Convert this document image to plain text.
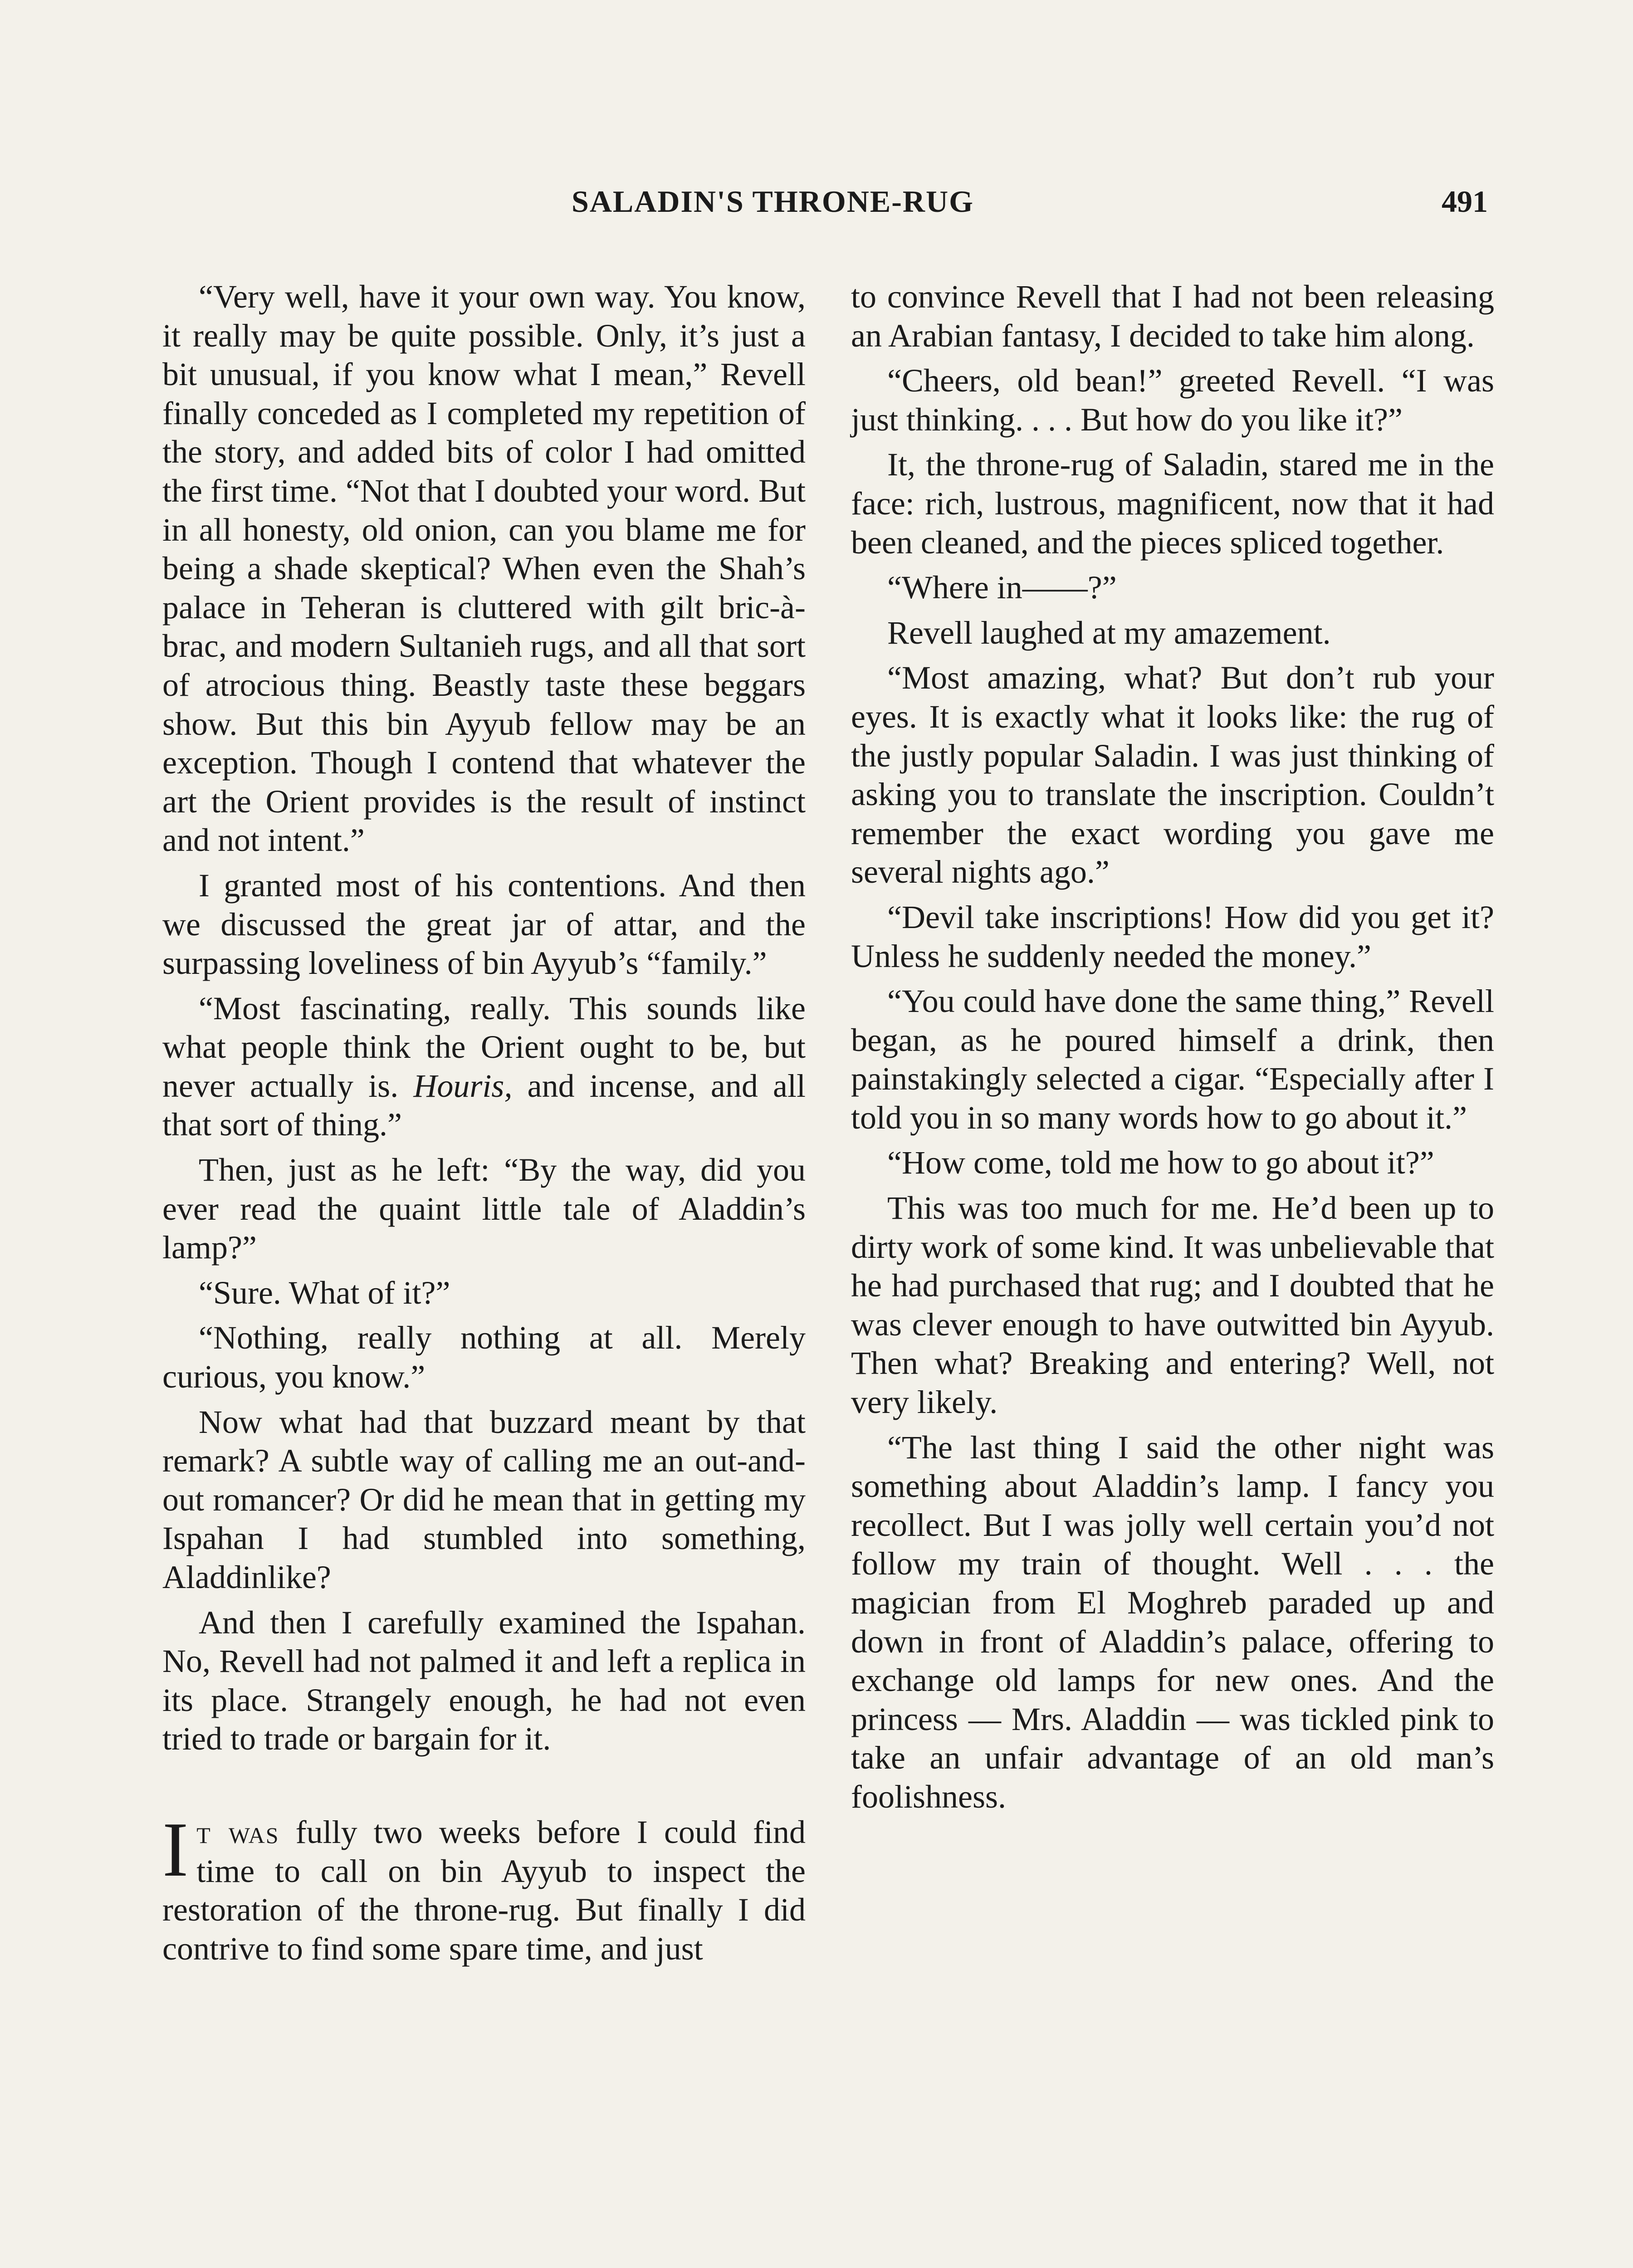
SALADIN'S THRONE-RUG	491

“Very well, have it your own way. You know, it really may be quite possible. Only, it’s just a bit unusual, if you know what I mean,” Revell finally conceded as I completed my repetition of the story, and added bits of color I had omitted the first time. “Not that I doubted your word. But in all honesty, old onion, can you blame me for being a shade skeptical? When even the Shah’s palace in Teheran is cluttered with gilt bric-à-brac, and modern Sultanieh rugs, and all that sort of atrocious thing. Beastly taste these beggars show. But this bin Ayyub fellow may be an exception. Though I contend that whatever the art the Orient provides is the result of instinct and not intent.”

I granted most of his contentions. And then we discussed the great jar of attar, and the surpassing loveliness of bin Ayyub’s “family.”

“Most fascinating, really. This sounds like what people think the Orient ought to be, but never actually is. Houris, and incense, and all that sort of thing.”

Then, just as he left: “By the way, did you ever read the quaint little tale of Aladdin’s lamp?”

“Sure. What of it?”

“Nothing, really nothing at all. Merely curious, you know.”

Now what had that buzzard meant by that remark? A subtle way of calling me an out-and-out romancer? Or did he mean that in getting my Ispahan I had stumbled into something, Aladdinlike?

And then I carefully examined the Ispahan. No, Revell had not palmed it and left a replica in its place. Strangely enough, he had not even tried to trade or bargain for it.

It was fully two weeks before I could find time to call on bin Ayyub to inspect the restoration of the throne-rug. But finally I did contrive to find some spare time, and just

to convince Revell that I had not been releasing an Arabian fantasy, I decided to take him along.

“Cheers, old bean!” greeted Revell. “I was just thinking. . . . But how do you like it?”

It, the throne-rug of Saladin, stared me in the face: rich, lustrous, magnificent, now that it had been cleaned, and the pieces spliced together.

“Where in——?”

Revell laughed at my amazement.

“Most amazing, what? But don’t rub your eyes. It is exactly what it looks like: the rug of the justly popular Saladin. I was just thinking of asking you to translate the inscription. Couldn’t remember the exact wording you gave me several nights ago.”

“Devil take inscriptions! How did you get it? Unless he suddenly needed the money.”

“You could have done the same thing,” Revell began, as he poured himself a drink, then painstakingly selected a cigar. “Especially after I told you in so many words how to go about it.”

“How come, told me how to go about it?”

This was too much for me. He’d been up to dirty work of some kind. It was unbelievable that he had purchased that rug; and I doubted that he was clever enough to have outwitted bin Ayyub. Then what? Breaking and entering? Well, not very likely.

“The last thing I said the other night was something about Aladdin’s lamp. I fancy you recollect. But I was jolly well certain you’d not follow my train of thought. Well . . . the magician from El Moghreb paraded up and down in front of Aladdin’s palace, offering to exchange old lamps for new ones. And the princess — Mrs. Aladdin — was tickled pink to take an unfair advantage of an old man’s foolishness.
